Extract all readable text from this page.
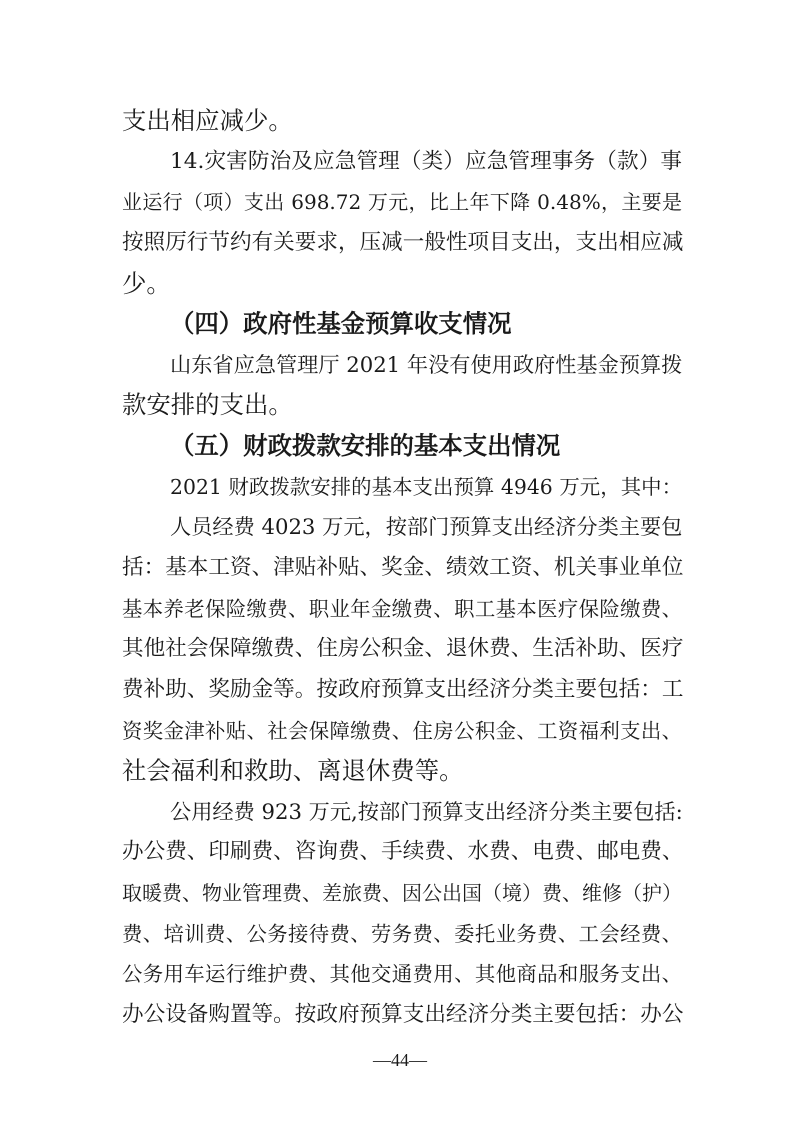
支出相应减少。
14.灾害防治及应急管理（类）应急管理事务（款）事
业运行（项）支出 698.72 万元，比上年下降 0.48%，主要是
按照厉行节约有关要求，压减一般性项目支出，支出相应减
少。
（四）政府性基金预算收支情况
山东省应急管理厅 2021 年没有使用政府性基金预算拨
款安排的支出。
（五）财政拨款安排的基本支出情况
2021 财政拨款安排的基本支出预算 4946 万元，其中：
人员经费 4023 万元，按部门预算支出经济分类主要包
括：基本工资、津贴补贴、奖金、绩效工资、机关事业单位
基本养老保险缴费、职业年金缴费、职工基本医疗保险缴费、
其他社会保障缴费、住房公积金、退休费、生活补助、医疗
费补助、奖励金等。按政府预算支出经济分类主要包括：工
资奖金津补贴、社会保障缴费、住房公积金、工资福利支出、
社会福利和救助、离退休费等。
公用经费 923 万元,按部门预算支出经济分类主要包括:
办公费、印刷费、咨询费、手续费、水费、电费、邮电费、
取暖费、物业管理费、差旅费、因公出国（境）费、维修（护）
费、培训费、公务接待费、劳务费、委托业务费、工会经费、
公务用车运行维护费、其他交通费用、其他商品和服务支出、
办公设备购置等。按政府预算支出经济分类主要包括：办公
—44—
